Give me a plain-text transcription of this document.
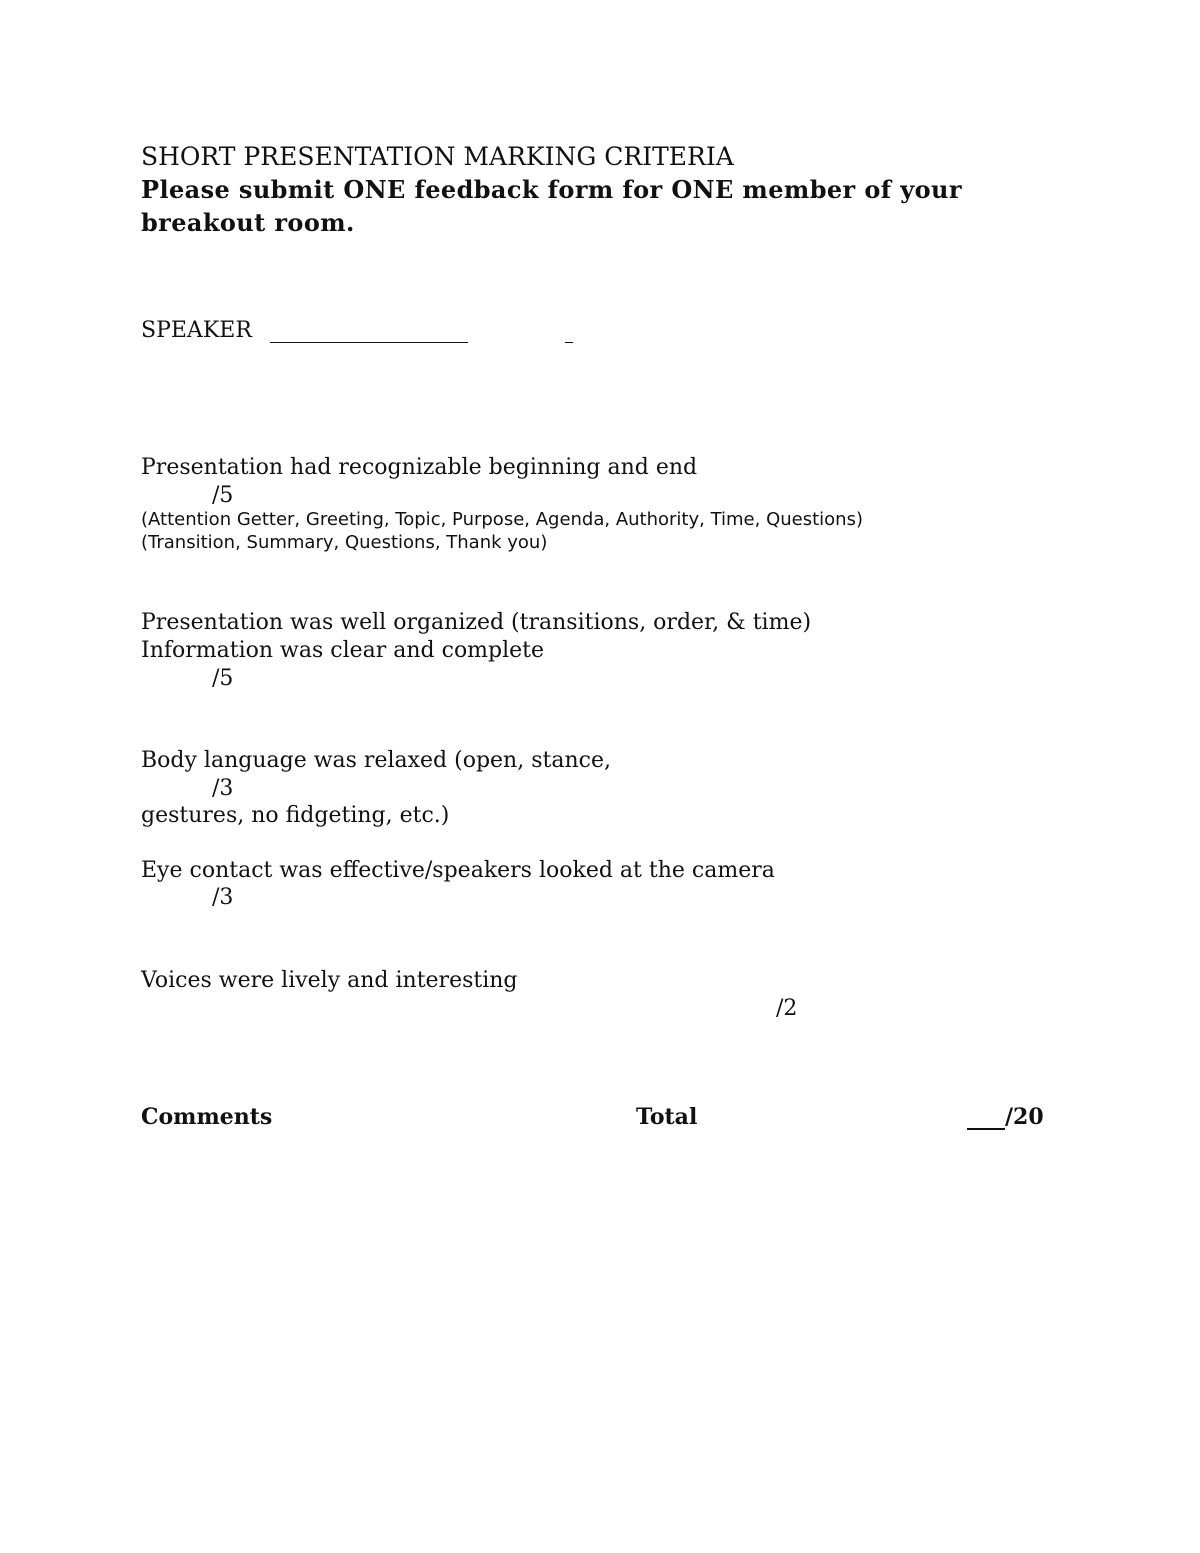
SHORT PRESENTATION MARKING CRITERIA
Please submit ONE feedback form for ONE member of your
breakout room.
SPEAKER
Presentation had recognizable beginning and end
/5
(Attention Getter, Greeting, Topic, Purpose, Agenda, Authority, Time, Questions)
(Transition, Summary, Questions, Thank you)
Presentation was well organized (transitions, order, & time)
Information was clear and complete
/5
Body language was relaxed (open, stance,
/3
gestures, no fidgeting, etc.)
Eye contact was effective/speakers looked at the camera
/3
Voices were lively and interesting
/2
Comments	Total	/20
